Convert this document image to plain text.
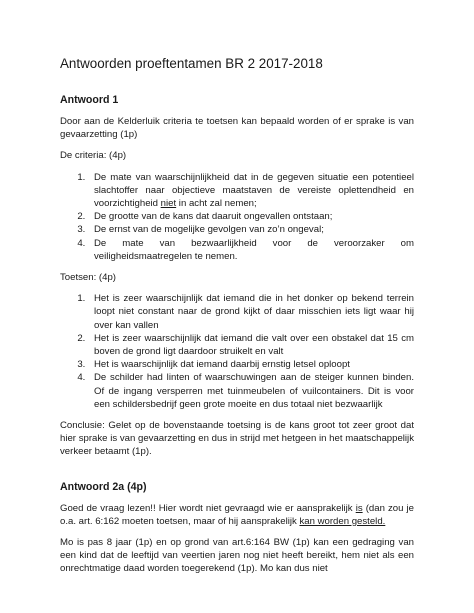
Antwoorden proeftentamen BR 2 2017-2018
Antwoord 1

Door aan de Kelderluik criteria te toetsen kan bepaald worden of er sprake is van gevaarzetting (1p)

De criteria: (4p)

1. De mate van waarschijnlijkheid dat in de gegeven situatie een potentieel slachtoffer naar objectieve maatstaven de vereiste oplettendheid en voorzichtigheid niet in acht zal nemen;
2. De grootte van de kans dat daaruit ongevallen ontstaan;
3. De ernst van de mogelijke gevolgen van zo’n ongeval;
4. De mate van bezwaarlijkheid voor de veroorzaker om veiligheidsmaatregelen te nemen.

Toetsen: (4p)

1. Het is zeer waarschijnlijk dat iemand die in het donker op bekend terrein loopt niet constant naar de grond kijkt of daar misschien iets ligt waar hij over kan vallen
2. Het is zeer waarschijnlijk dat iemand die valt over een obstakel dat 15 cm boven de grond ligt daardoor struikelt en valt
3. Het is waarschijnlijk dat iemand daarbij ernstig letsel oploopt
4. De schilder had linten of waarschuwingen aan de steiger kunnen binden. Of de ingang versperren met tuinmeubelen of vuilcontainers. Dit is voor een schildersbedrijf geen grote moeite en dus totaal niet bezwaarlijk

Conclusie: Gelet op de bovenstaande toetsing is de kans groot tot zeer groot dat hier sprake is van gevaarzetting en dus in strijd met hetgeen in het maatschappelijk verkeer betaamt (1p).

Antwoord 2a (4p)

Goed de vraag lezen!! Hier wordt niet gevraagd wie er aansprakelijk is (dan zou je o.a. art. 6:162 moeten toetsen, maar of hij aansprakelijk kan worden gesteld.

Mo is pas 8 jaar (1p) en op grond van art.6:164 BW (1p) kan een gedraging van een kind dat de leeftijd van veertien jaren nog niet heeft bereikt, hem niet als een onrechtmatige daad worden toegerekend (1p). Mo kan dus niet
